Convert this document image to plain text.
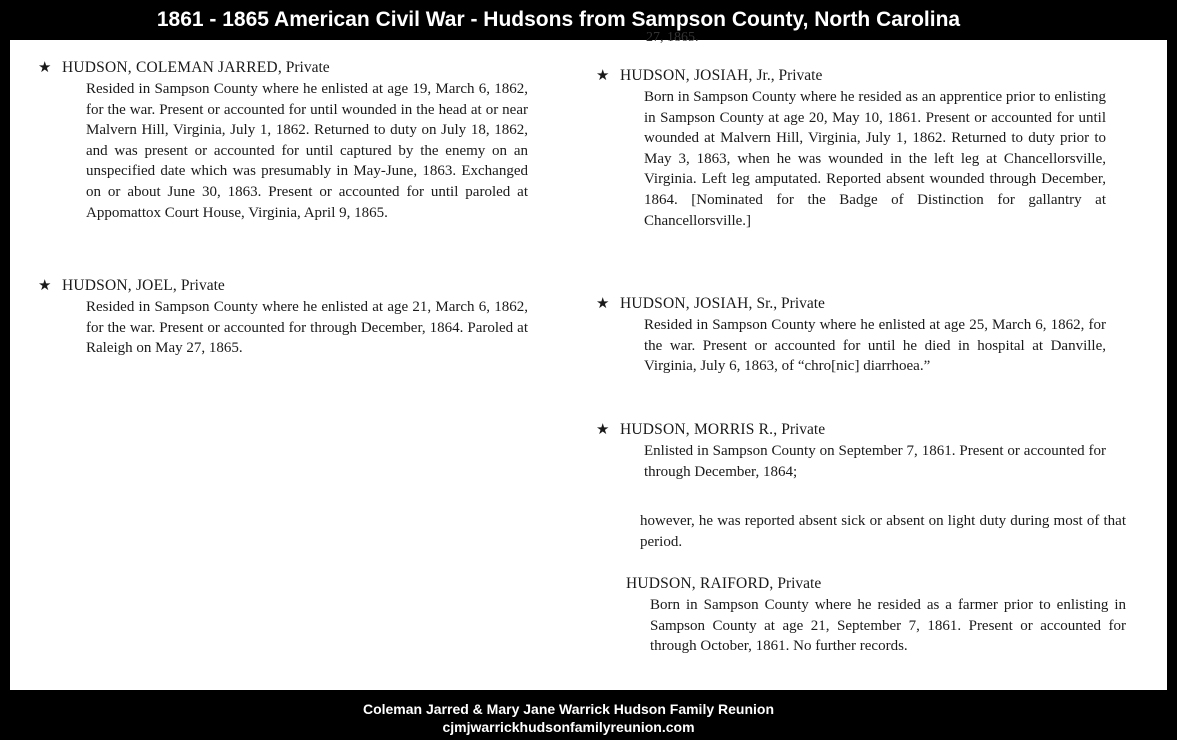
1861 - 1865 American Civil War - Hudsons from Sampson County, North Carolina
27, 1865.
★ HUDSON, COLEMAN JARRED, Private
Resided in Sampson County where he enlisted at age 19, March 6, 1862, for the war. Present or accounted for until wounded in the head at or near Malvern Hill, Virginia, July 1, 1862. Returned to duty on July 18, 1862, and was present or accounted for until captured by the enemy on an unspecified date which was presumably in May-June, 1863. Exchanged on or about June 30, 1863. Present or accounted for until paroled at Appomattox Court House, Virginia, April 9, 1865.
★ HUDSON, JOEL, Private
Resided in Sampson County where he enlisted at age 21, March 6, 1862, for the war. Present or accounted for through December, 1864. Paroled at Raleigh on May 27, 1865.
★ HUDSON, JOSIAH, Jr., Private
Born in Sampson County where he resided as an apprentice prior to enlisting in Sampson County at age 20, May 10, 1861. Present or accounted for until wounded at Malvern Hill, Virginia, July 1, 1862. Returned to duty prior to May 3, 1863, when he was wounded in the left leg at Chancellorsville, Virginia. Left leg amputated. Reported absent wounded through December, 1864. [Nominated for the Badge of Distinction for gallantry at Chancellorsville.]
★ HUDSON, JOSIAH, Sr., Private
Resided in Sampson County where he enlisted at age 25, March 6, 1862, for the war. Present or accounted for until he died in hospital at Danville, Virginia, July 6, 1863, of “chro[nic] diarrhoea.”
★ HUDSON, MORRIS R., Private
Enlisted in Sampson County on September 7, 1861. Present or accounted for through December, 1864;
however, he was reported absent sick or absent on light duty during most of that period.
HUDSON, RAIFORD, Private
Born in Sampson County where he resided as a farmer prior to enlisting in Sampson County at age 21, September 7, 1861. Present or accounted for through October, 1861. No further records.
Coleman Jarred & Mary Jane Warrick Hudson Family Reunion
cjmjwarrickhudsonfamilyreunion.com
